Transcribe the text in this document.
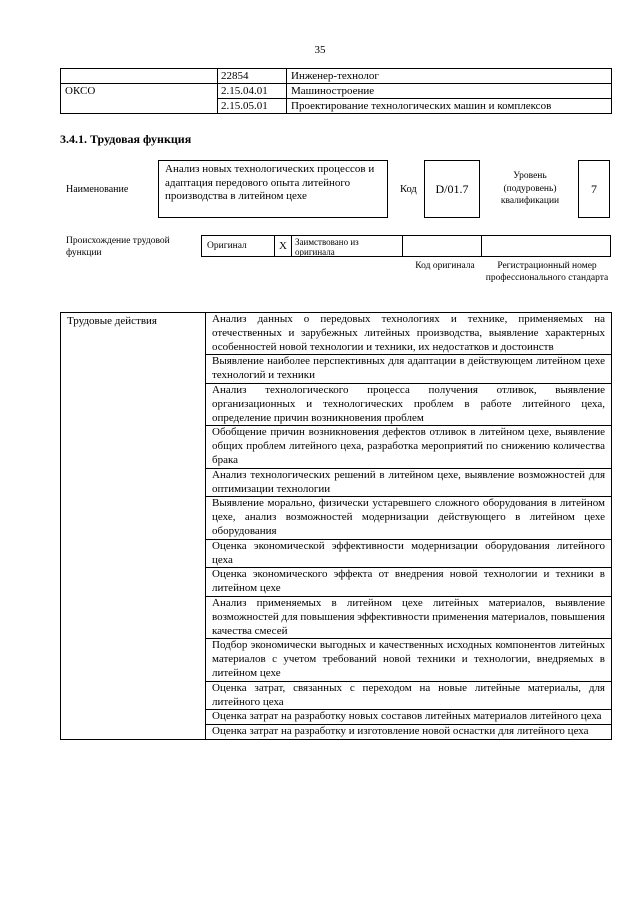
35
	22854	Инженер-технолог
ОКСО	2.15.04.01	Машиностроение
	2.15.05.01	Проектирование технологических машин и комплексов
3.4.1. Трудовая функция
Наименование
Анализ новых технологических процессов и адаптация передового опыта литейного производства в литейном цехе
Код	D/01.7
Уровень (подуровень) квалификации
7
Происхождение трудовой функции
Оригинал	X Заимствовано из оригинала
Код оригинала	Регистрационный номер профессионального стандарта
Трудовые действия	Анализ данных о передовых технологиях и технике, применяемых на отечественных и зарубежных литейных производства, выявление характерных особенностей новой технологии и техники, их недостатков и достоинств
Выявление наиболее перспективных для адаптации в действующем литейном цехе технологий и техники
Анализ технологического процесса получения отливок, выявление организационных и технологических проблем в работе литейного цеха, определение причин возникновения проблем
Обобщение причин возникновения дефектов отливок в литейном цехе, выявление общих проблем литейного цеха, разработка мероприятий по снижению количества брака
Анализ технологических решений в литейном цехе, выявление возможностей для оптимизации технологии
Выявление морально, физически устаревшего сложного оборудования в литейном цехе, анализ возможностей модернизации действующего в литейном цехе оборудования
Оценка экономической эффективности модернизации оборудования литейного цеха
Оценка экономического эффекта от внедрения новой технологии и техники в литейном цехе
Анализ применяемых в литейном цехе литейных материалов, выявление возможностей для повышения эффективности применения материалов, повышения качества смесей
Подбор экономически выгодных и качественных исходных компонентов литейных материалов с учетом требований новой техники и технологии, внедряемых в литейном цехе
Оценка затрат, связанных с переходом на новые литейные материалы, для литейного цеха
Оценка затрат на разработку новых составов литейных материалов литейного цеха
Оценка затрат на разработку и изготовление новой оснастки для литейного цеха
